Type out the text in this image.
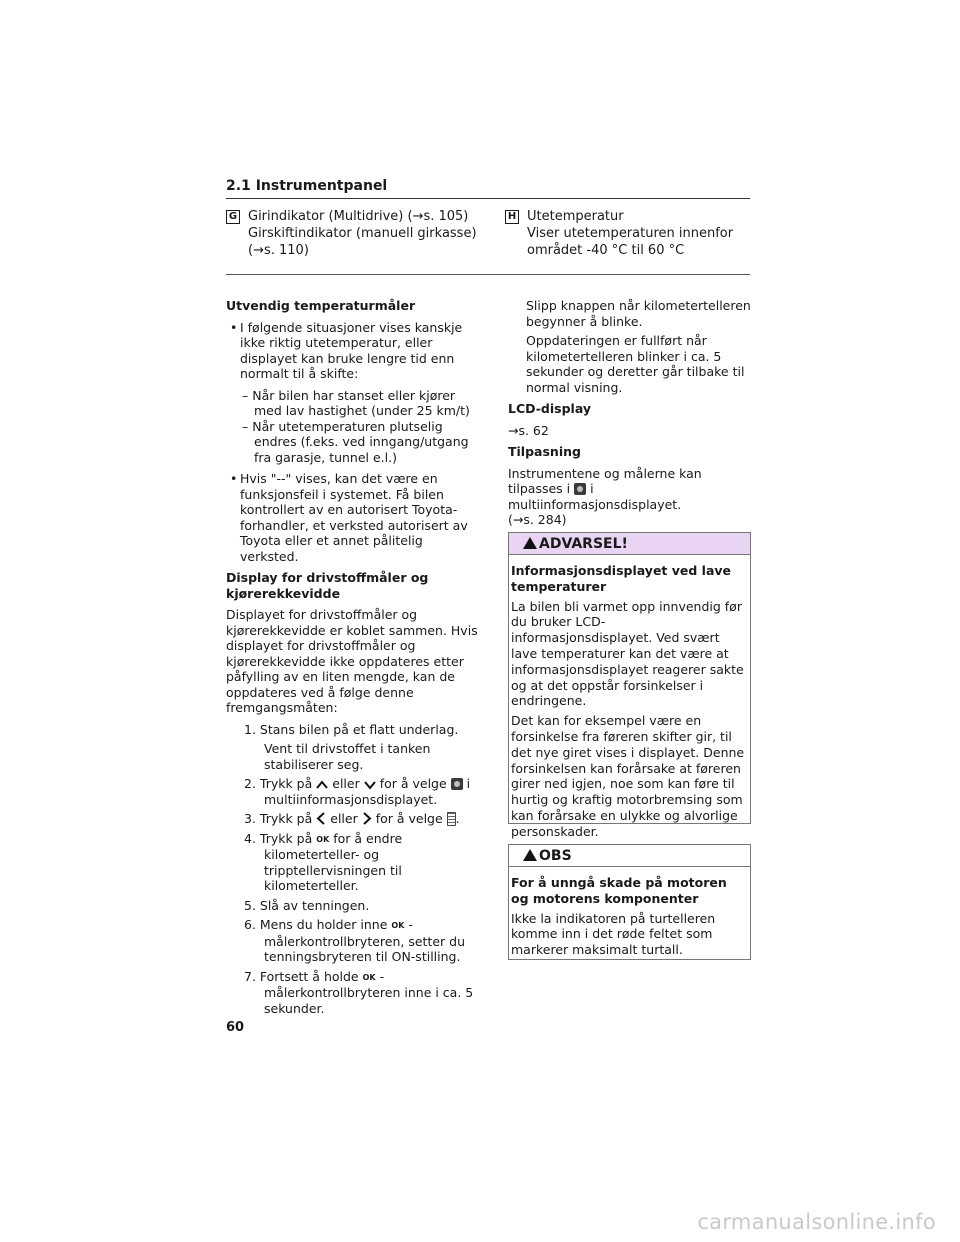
2.1 Instrumentpanel
G Girindikator (Multidrive) (→s. 105)
Girskiftindikator (manuell girkasse)
(→s. 110)
H Utetemperatur
Viser utetemperaturen innenfor
området -40 °C til 60 °C
Utvendig temperaturmåler
• I følgende situasjoner vises kanskje ikke riktig utetemperatur, eller displayet kan bruke lengre tid enn normalt til å skifte:
– Når bilen har stanset eller kjører med lav hastighet (under 25 km/t)
– Når utetemperaturen plutselig endres (f.eks. ved inngang/utgang fra garasje, tunnel e.l.)
• Hvis "--" vises, kan det være en funksjonsfeil i systemet. Få bilen kontrollert av en autorisert Toyota-forhandler, et verksted autorisert av Toyota eller et annet pålitelig verksted.
Display for drivstoffmåler og kjørerekkevidde
Displayet for drivstoffmåler og kjørerekkevidde er koblet sammen. Hvis displayet for drivstoffmåler og kjørerekkevidde ikke oppdateres etter påfylling av en liten mengde, kan de oppdateres ved å følge denne fremgangsmåten:
1. Stans bilen på et flatt underlag.
Vent til drivstoffet i tanken stabiliserer seg.
2. Trykk på eller for å velge i multiinformasjonsdisplayet.
3. Trykk på eller for å velge .
4. Trykk på OK for å endre kilometerteller- og tripptellervisningen til kilometerteller.
5. Slå av tenningen.
6. Mens du holder inne OK -målerkontrollbryteren, setter du tenningsbryteren til ON-stilling.
7. Fortsett å holde OK -målerkontrollbryteren inne i ca. 5 sekunder.
Slipp knappen når kilometertelleren begynner å blinke.
Oppdateringen er fullført når kilometertelleren blinker i ca. 5 sekunder og deretter går tilbake til normal visning.
LCD-display
→s. 62
Tilpasning
Instrumentene og målerne kan tilpasses i i multiinformasjonsdisplayet.
(→s. 284)
ADVARSEL!
Informasjonsdisplayet ved lave temperaturer
La bilen bli varmet opp innvendig før du bruker LCD-informasjonsdisplayet. Ved svært lave temperaturer kan det være at informasjonsdisplayet reagerer sakte og at det oppstår forsinkelser i endringene.
Det kan for eksempel være en forsinkelse fra føreren skifter gir, til det nye giret vises i displayet. Denne forsinkelsen kan forårsake at føreren girer ned igjen, noe som kan føre til hurtig og kraftig motorbremsing som kan forårsake en ulykke og alvorlige personskader.
OBS
For å unngå skade på motoren og motorens komponenter
Ikke la indikatoren på turtelleren komme inn i det røde feltet som markerer maksimalt turtall.
60
carmanualsonline.info
